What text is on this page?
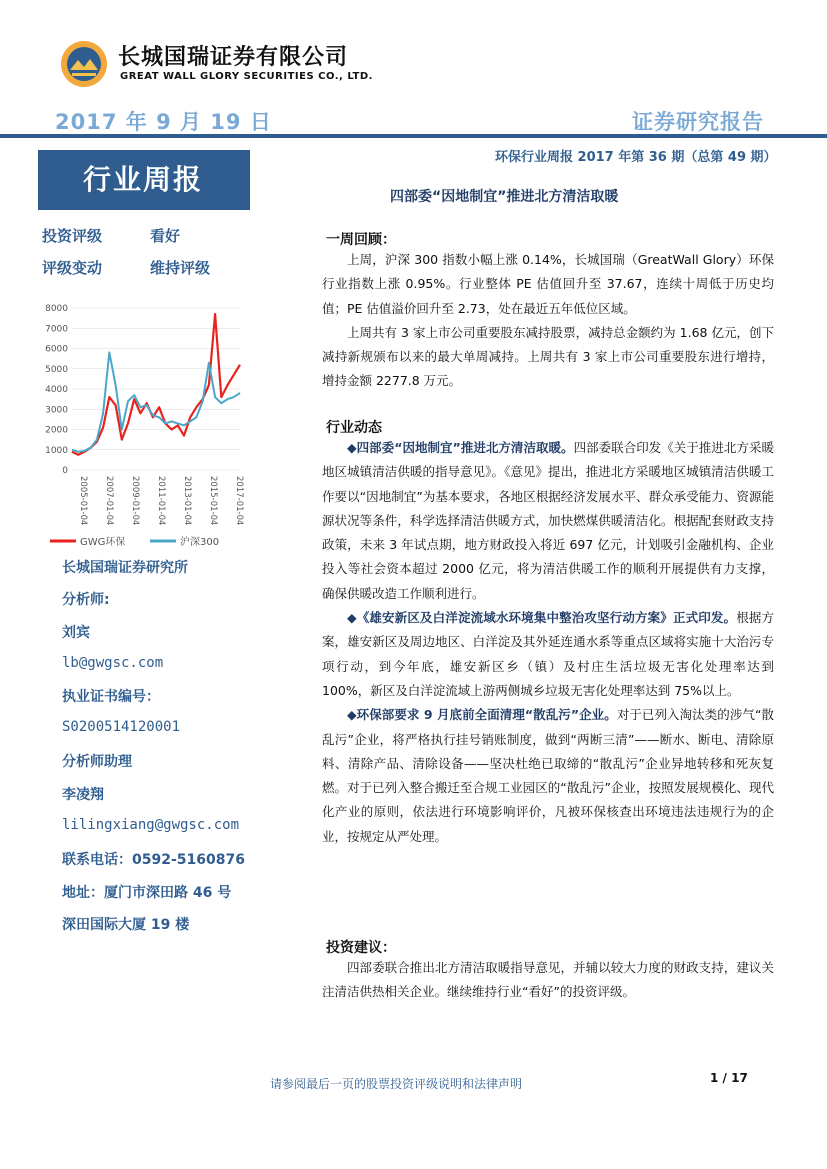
长城国瑞证券有限公司
GREAT WALL GLORY SECURITIES CO., LTD.
2017 年 9 月 19 日	证券研究报告
环保行业周报 2017 年第 36 期（总第 49 期）
行业周报
投资评级	看好
评级变动	维持评级
0
1000
2000
3000
4000
5000
6000
7000
8000
2005-01-04 2007-01-04 2009-01-04 2011-01-04 2013-01-04 2015-01-04 2017-01-04
GWG环保	沪深300
长城国瑞证券研究所
分析师:
刘宾
lb@gwgsc.com
执业证书编号：
S0200514120001
分析师助理
李凌翔
lilingxiang@gwgsc.com
联系电话：0592-5160876
地址：厦门市深田路 46 号
深田国际大厦 19 楼
四部委“因地制宜”推进北方清洁取暖
一周回顾：

上周，沪深 300 指数小幅上涨 0.14%，长城国瑞（GreatWall Glory）环保行业指数上涨 0.95%。行业整体 PE 估值回升至 37.67，连续十周低于历史均值；PE 估值溢价回升至 2.73，处在最近五年低位区域。

上周共有 3 家上市公司重要股东减持股票，减持总金额约为 1.68 亿元，创下减持新规颁布以来的最大单周减持。上周共有 3 家上市公司重要股东进行增持，增持金额 2277.8 万元。

行业动态

◆四部委“因地制宜”推进北方清洁取暖。四部委联合印发《关于推进北方采暖地区城镇清洁供暖的指导意见》。《意见》提出，推进北方采暖地区城镇清洁供暖工作要以“因地制宜”为基本要求，各地区根据经济发展水平、群众承受能力、资源能源状况等条件，科学选择清洁供暖方式，加快燃煤供暖清洁化。根据配套财政支持政策，未来 3 年试点期，地方财政投入将近 697 亿元，计划吸引金融机构、企业投入等社会资本超过 2000 亿元，将为清洁供暖工作的顺利开展提供有力支撑，确保供暖改造工作顺利进行。

◆《雄安新区及白洋淀流域水环境集中整治攻坚行动方案》正式印发。根据方案，雄安新区及周边地区、白洋淀及其外延连通水系等重点区域将实施十大治污专项行动，到今年底，雄安新区乡（镇）及村庄生活垃圾无害化处理率达到 100%，新区及白洋淀流域上游两侧城乡垃圾无害化处理率达到 75%以上。

◆环保部要求 9 月底前全面清理“散乱污”企业。对于已列入淘汰类的涉气“散乱污”企业，将严格执行挂号销账制度，做到“两断三清”——断水、断电、清除原料、清除产品、清除设备——坚决杜绝已取缔的“散乱污”企业异地转移和死灰复燃。对于已列入整合搬迁至合规工业园区的“散乱污”企业，按照发展规模化、现代化产业的原则，依法进行环境影响评价，凡被环保核查出环境违法违规行为的企业，按规定从严处理。

投资建议：

四部委联合推出北方清洁取暖指导意见，并辅以较大力度的财政支持，建议关注清洁供热相关企业。继续维持行业“看好”的投资评级。

请参阅最后一页的股票投资评级说明和法律声明	1 / 17
